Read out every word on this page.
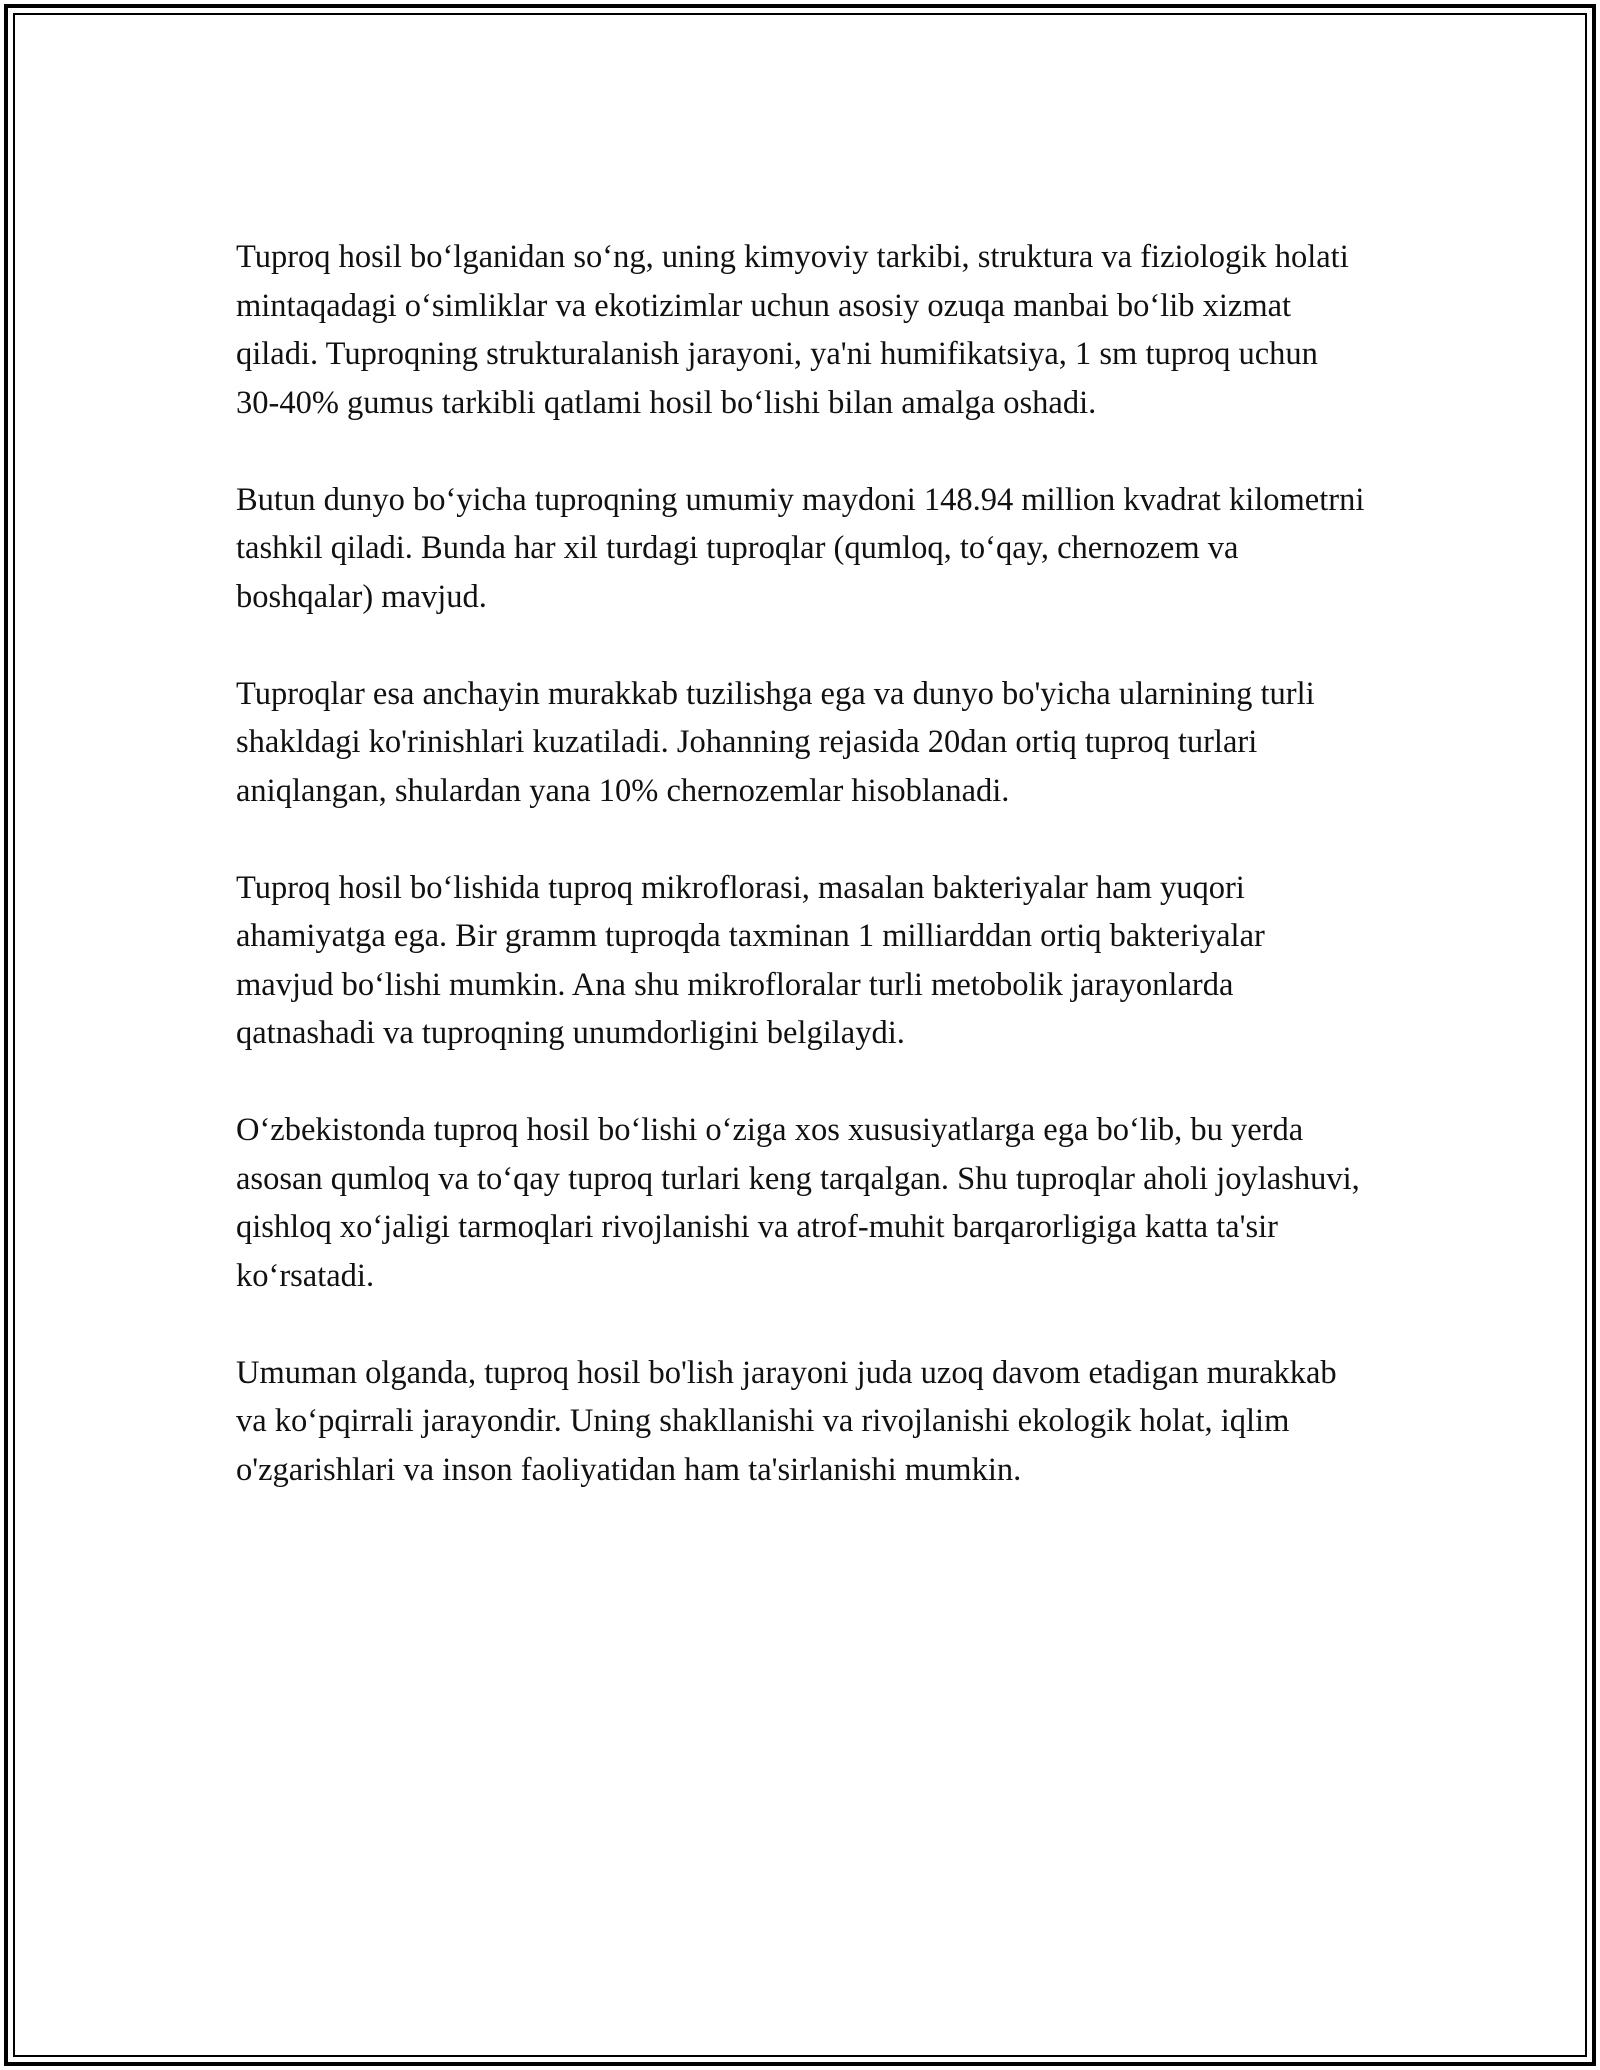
Tuproq hosil bo‘lganidan so‘ng, uning kimyoviy tarkibi, struktura va fiziologik holati mintaqadagi o‘simliklar va ekotizimlar uchun asosiy ozuqa manbai bo‘lib xizmat qiladi. Tuproqning strukturalanish jarayoni, ya'ni humifikatsiya, 1 sm tuproq uchun 30-40% gumus tarkibli qatlami hosil bo‘lishi bilan amalga oshadi.

Butun dunyo bo‘yicha tuproqning umumiy maydoni 148.94 million kvadrat kilometrni tashkil qiladi. Bunda har xil turdagi tuproqlar (qumloq, to‘qay, chernozem va boshqalar) mavjud.

Tuproqlar esa anchayin murakkab tuzilishga ega va dunyo bo'yicha ularnining turli shakldagi ko'rinishlari kuzatiladi. Johanning rejasida 20dan ortiq tuproq turlari aniqlangan, shulardan yana 10% chernozemlar hisoblanadi.

Tuproq hosil bo‘lishida tuproq mikroflorasi, masalan bakteriyalar ham yuqori ahamiyatga ega. Bir gramm tuproqda taxminan 1 milliarddan ortiq bakteriyalar mavjud bo‘lishi mumkin. Ana shu mikrofloralar turli metobolik jarayonlarda qatnashadi va tuproqning unumdorligini belgilaydi.

O‘zbekistonda tuproq hosil bo‘lishi o‘ziga xos xususiyatlarga ega bo‘lib, bu yerda asosan qumloq va to‘qay tuproq turlari keng tarqalgan. Shu tuproqlar aholi joylashuvi, qishloq xo‘jaligi tarmoqlari rivojlanishi va atrof-muhit barqarorligiga katta ta'sir ko‘rsatadi.

Umuman olganda, tuproq hosil bo'lish jarayoni juda uzoq davom etadigan murakkab va ko‘pqirrali jarayondir. Uning shakllanishi va rivojlanishi ekologik holat, iqlim o'zgarishlari va inson faoliyatidan ham ta'sirlanishi mumkin.
